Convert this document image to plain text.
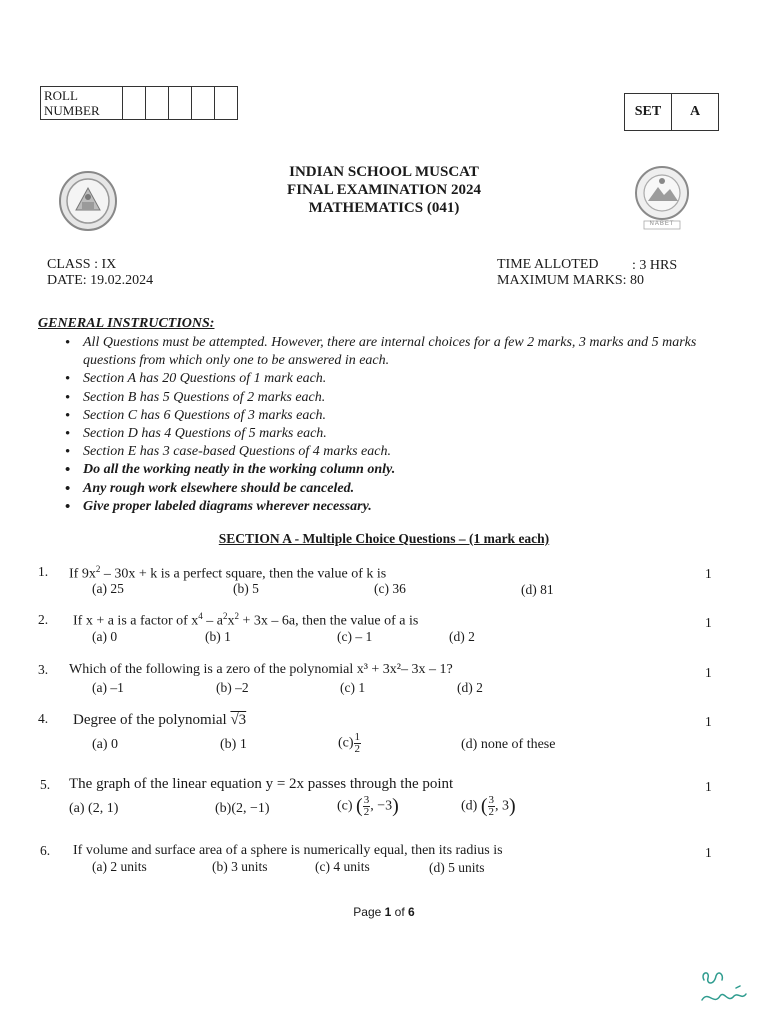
ROLL
NUMBER						SET	A
NABET
INDIAN SCHOOL MUSCAT
FINAL EXAMINATION 2024
MATHEMATICS (041)
CLASS : IX
DATE: 19.02.2024
TIME ALLOTED : 3 HRS
MAXIMUM MARKS: 80
GENERAL INSTRUCTIONS:
• All Questions must be attempted. However, there are internal choices for a few 2 marks, 3 marks and 5 marks questions from which only one to be answered in each.
• Section A has 20 Questions of 1 mark each.
• Section B has 5 Questions of 2 marks each.
• Section C has 6 Questions of 3 marks each.
• Section D has 4 Questions of 5 marks each.
• Section E has 3 case-based Questions of 4 marks each.
• Do all the working neatly in the working column only.
• Any rough work elsewhere should be canceled.
• Give proper labeled diagrams wherever necessary.
SECTION A - Multiple Choice Questions – (1 mark each)
1. If $9x^2 - 30x + k$ is a perfect square, then the value of k is	1
(a) 25	(b) 5	(c) 36	(d) 81
2. If x + a is a factor of $x^4 - a^2x^2 + 3x - 6a$, then the value of a is	1
(a) 0	(b) 1	(c) – 1	(d) 2
3. Which of the following is a zero of the polynomial x³ + 3x²– 3x – 1?	1
(a) –1	(b) –2	(c) 1	(d) 2
4. Degree of the polynomial √3	1
(a) 0	(b) 1	$(c) \frac{1}{2}$	(d) none of these
5. The graph of the linear equation y = 2x passes through the point	1
(a) (2, 1)	(b)(2, −1)	(c) ( $\frac{3}{2}$ , −3)	(d) ( $\frac{3}{2}$ , 3)
6. If volume and surface area of a sphere is numerically equal, then its radius is	1
(a) 2 units	(b) 3 units	(c) 4 units	(d) 5 units
Page 1 of 6
